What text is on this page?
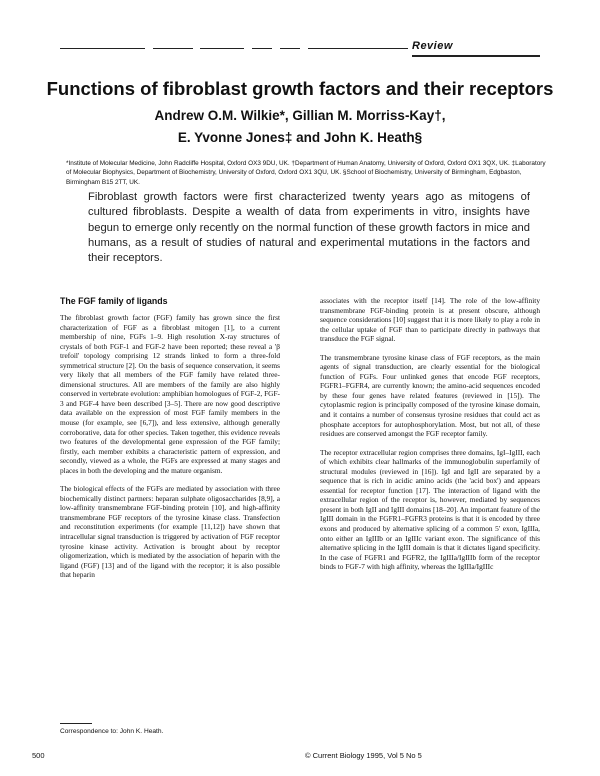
Review
Functions of fibroblast growth factors and their receptors
Andrew O.M. Wilkie*, Gillian M. Morriss-Kay†,
E. Yvonne Jones‡ and John K. Heath§
*Institute of Molecular Medicine, John Radcliffe Hospital, Oxford OX3 9DU, UK. †Department of Human Anatomy, University of Oxford, Oxford OX1 3QX, UK. ‡Laboratory of Molecular Biophysics, Department of Biochemistry, University of Oxford, Oxford OX1 3QU, UK. §School of Biochemistry, University of Birmingham, Edgbaston, Birmingham B15 2TT, UK.
Fibroblast growth factors were first characterized twenty years ago as mitogens of cultured fibroblasts. Despite a wealth of data from experiments in vitro, insights have begun to emerge only recently on the normal function of these growth factors in mice and humans, as a result of studies of natural and experimental mutations in the factors and their receptors.
The FGF family of ligands

The fibroblast growth factor (FGF) family has grown since the first characterization of FGF as a fibroblast mitogen [1], to a current membership of nine, FGFs 1–9. High resolution X-ray structures of crystals of both FGF-1 and FGF-2 have been reported; these reveal a 'β trefoil' topology comprising 12 strands linked to form a three-fold symmetrical structure [2]. On the basis of sequence conservation, it seems very likely that all members of the FGF family have related three-dimensional structures. All are members of the family are also highly conserved in vertebrate evolution: amphibian homologues of FGF-2, FGF-3 and FGF-4 have been described [3–5]. There are now good descriptive data available on the expression of most FGF family members in the mouse (for example, see [6,7]), and less extensive, although generally corroborative, data for other species. Taken together, this evidence reveals two features of the developmental gene expression of the FGF family; firstly, each member exhibits a characteristic pattern of expression, and secondly, viewed as a whole, the FGFs are expressed at many stages and places in both the developing and the mature organism.

The biological effects of the FGFs are mediated by association with three biochemically distinct partners: heparan sulphate oligosaccharides [8,9], a low-affinity transmembrane FGF-binding protein [10], and high-affinity transmembrane FGF receptors of the tyrosine kinase class. Transfection and reconstitution experiments (for example [11,12]) have shown that intracellular signal transduction is triggered by activation of FGF receptor tyrosine kinase activity. Activation is brought about by receptor oligomerization, which is mediated by the association of heparin with the ligand (FGF) [13] and of the ligand with the receptor; it is also possible that heparin

associates with the receptor itself [14]. The role of the low-affinity transmembrane FGF-binding protein is at present obscure, although sequence considerations [10] suggest that it is more likely to play a role in the cellular uptake of FGF than to participate directly in pathways that transduce the FGF signal.

The transmembrane tyrosine kinase class of FGF receptors, as the main agents of signal transduction, are clearly essential for the biological function of FGFs. Four unlinked genes that encode FGF receptors, FGFR1–FGFR4, are currently known; the amino-acid sequences encoded by these four genes have related features (reviewed in [15]). The cytoplasmic region is principally composed of the tyrosine kinase domain, and it contains a number of consensus tyrosine residues that could act as phosphate acceptors for autophosphorylation. Most, but not all, of these residues are conserved amongst the FGF receptor family.

The receptor extracellular region comprises three domains, IgI–IgIII, each of which exhibits clear hallmarks of the immunoglobulin superfamily of structural modules (reviewed in [16]). IgI and IgII are separated by a sequence that is rich in acidic amino acids (the 'acid box') and appears essential for receptor function [17]. The interaction of ligand with the extracellular region of the receptor is, however, mediated by sequences present in both IgII and IgIII domains [18–20]. An important feature of the IgIII domain in the FGFR1–FGFR3 proteins is that it is encoded by three exons and produced by alternative splicing of a common 5' exon, IgIIIa, onto either an IgIIIb or an IgIIIc variant exon. The significance of this alternative splicing in the IgIII domain is that it dictates ligand specificity. In the case of FGFR1 and FGFR2, the IgIIIa/IgIIIb form of the receptor binds to FGF-7 with high affinity, whereas the IgIIIa/IgIIIc

Correspondence to: John K. Heath.
500	© Current Biology 1995, Vol 5 No 5
